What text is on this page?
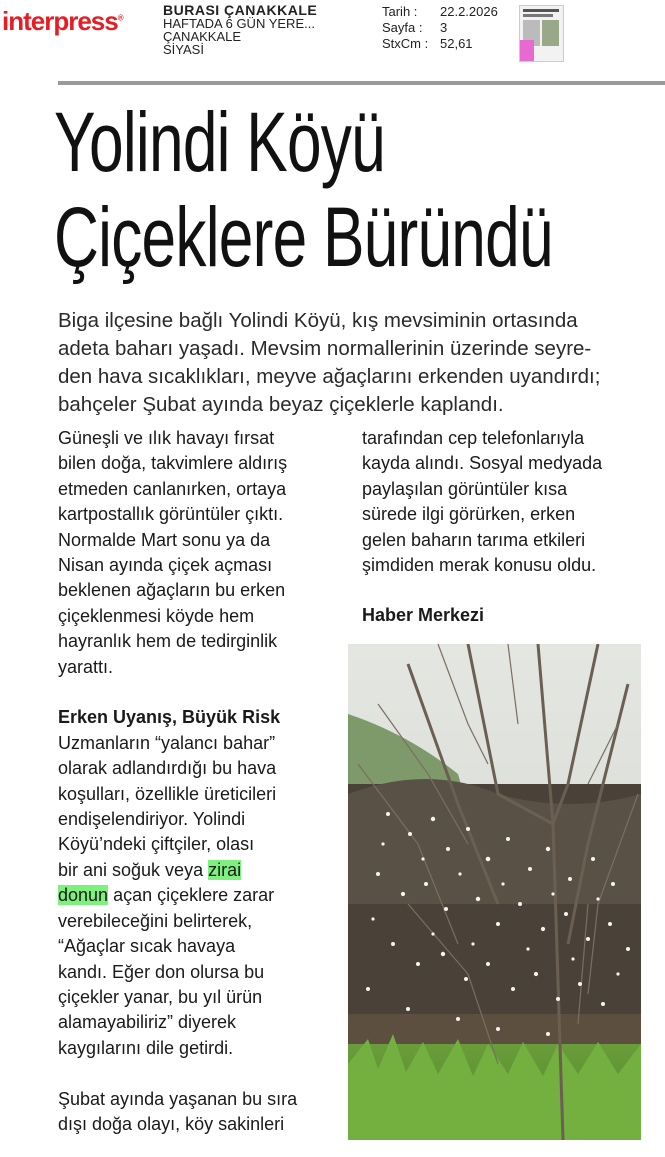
interpress®	BURASI ÇANAKKALE
HAFTADA 6 GÜN YERE...
ÇANAKKALE
SİYASİ
Tarih :	22.2.2026
Sayfa :	3
StxCm : 52,61
Yolindi Köyü
Çiçeklere Büründü
Biga ilçesine bağlı Yolindi Köyü, kış mevsiminin ortasında
adeta baharı yaşadı. Mevsim normallerinin üzerinde seyre-
den hava sıcaklıkları, meyve ağaçlarını erkenden uyandırdı;
bahçeler Şubat ayında beyaz çiçeklerle kaplandı.
Güneşli ve ılık havayı fırsat
bilen doğa, takvimlere aldırış
etmeden canlanırken, ortaya
kartpostallık görüntüler çıktı.
Normalde Mart sonu ya da
Nisan ayında çiçek açması
beklenen ağaçların bu erken
çiçeklenmesi köyde hem
hayranlık hem de tedirginlik
yarattı.
Erken Uyanış, Büyük Risk
Uzmanların “yalancı bahar”
olarak adlandırdığı bu hava
koşulları, özellikle üreticileri
endişelendiriyor. Yolindi
Köyü’ndeki çiftçiler, olası
bir ani soğuk veya zirai
donun açan çiçeklere zarar
verebileceğini belirterek,
“Ağaçlar sıcak havaya
kandı. Eğer don olursa bu
çiçekler yanar, bu yıl ürün
alamayabiliriz” diyerek
kaygılarını dile getirdi.
Şubat ayında yaşanan bu sıra
dışı doğa olayı, köy sakinleri
tarafından cep telefonlarıyla
kayda alındı. Sosyal medyada
paylaşılan görüntüler kısa
sürede ilgi görürken, erken
gelen baharın tarıma etkileri
şimdiden merak konusu oldu.
Haber Merkezi
